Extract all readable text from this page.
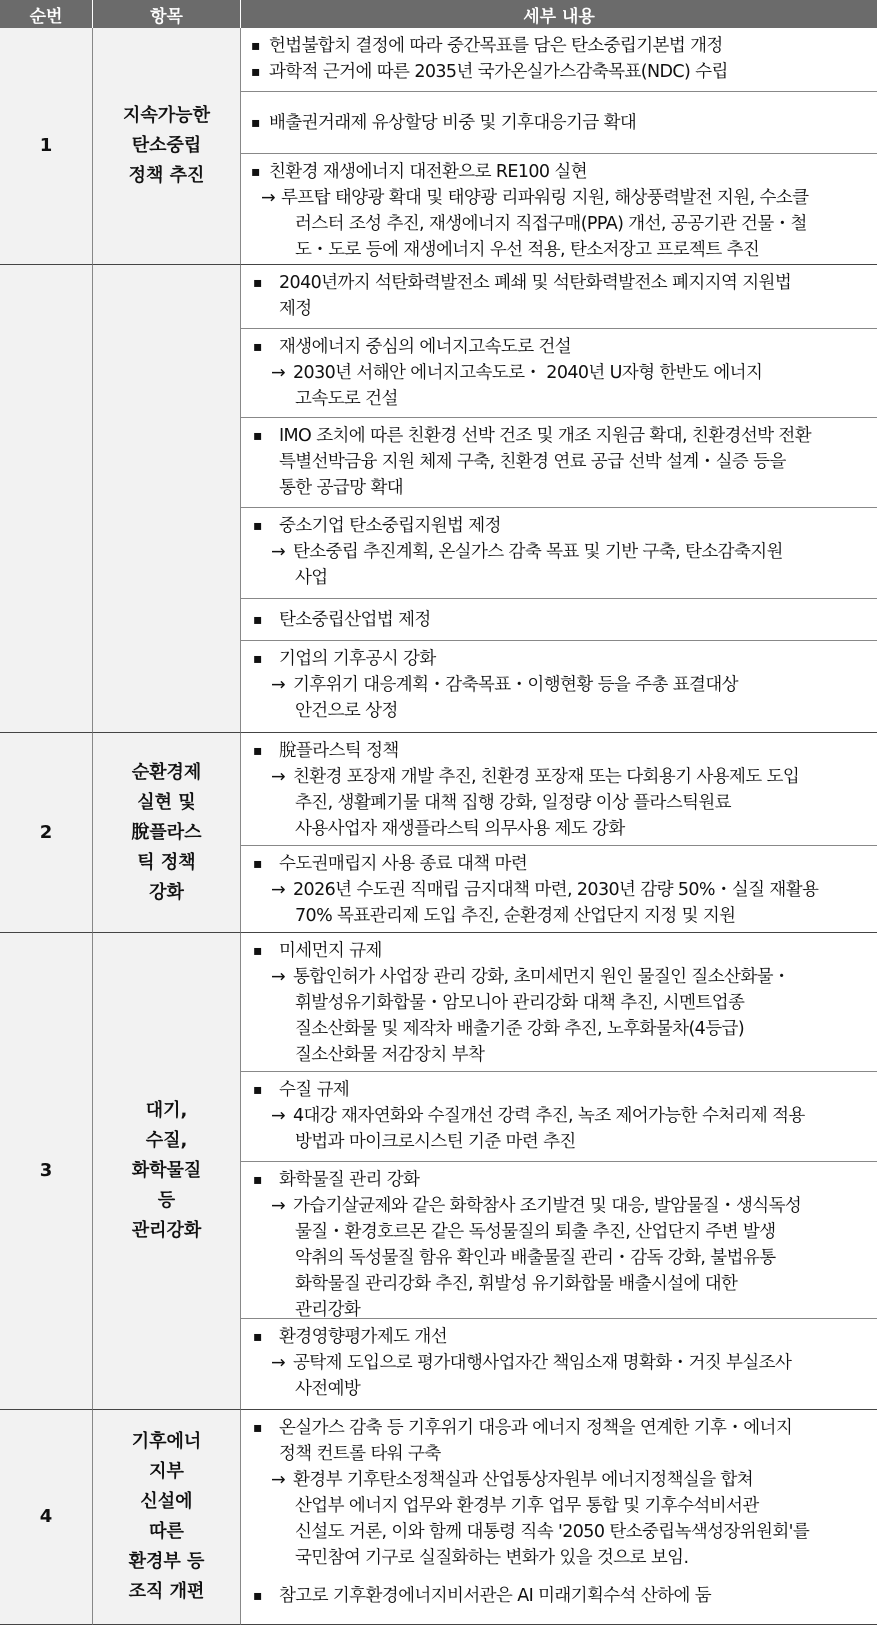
순번	항목	세부 내용
1
지속가능한
탄소중립
정책 추진
▪ 헌법불합치 결정에 따라 중간목표를 담은 탄소중립기본법 개정
▪ 과학적 근거에 따른 2035년 국가온실가스감축목표(NDC) 수립
▪ 배출권거래제 유상할당 비중 및 기후대응기금 확대
▪ 친환경 재생에너지 대전환으로 RE100 실현
→ 루프탑 태양광 확대 및 태양광 리파워링 지원, 해상풍력발전 지원, 수소클
러스터 조성 추진, 재생에너지 직접구매(PPA) 개선, 공공기관 건물・철
도・도로 등에 재생에너지 우선 적용, 탄소저장고 프로젝트 추진
▪ 2040년까지 석탄화력발전소 폐쇄 및 석탄화력발전소 폐지지역 지원법
제정
▪ 재생에너지 중심의 에너지고속도로 건설
→ 2030년 서해안 에너지고속도로・ 2040년 U자형 한반도 에너지
고속도로 건설
▪ IMO 조치에 따른 친환경 선박 건조 및 개조 지원금 확대, 친환경선박 전환
특별선박금융 지원 체제 구축, 친환경 연료 공급 선박 설계・실증 등을
통한 공급망 확대
▪ 중소기업 탄소중립지원법 제정
→ 탄소중립 추진계획, 온실가스 감축 목표 및 기반 구축, 탄소감축지원
사업
▪ 탄소중립산업법 제정
▪ 기업의 기후공시 강화
→ 기후위기 대응계획・감축목표・이행현황 등을 주총 표결대상
안건으로 상정
2
순환경제
실현 및
脫플라스
틱 정책
강화
▪ 脫플라스틱 정책
→ 친환경 포장재 개발 추진, 친환경 포장재 또는 다회용기 사용제도 도입
추진, 생활폐기물 대책 집행 강화, 일정량 이상 플라스틱원료
사용사업자 재생플라스틱 의무사용 제도 강화
▪ 수도권매립지 사용 종료 대책 마련
→ 2026년 수도권 직매립 금지대책 마련, 2030년 감량 50%・실질 재활용
70% 목표관리제 도입 추진, 순환경제 산업단지 지정 및 지원
3
대기,
수질,
화학물질
등
관리강화
▪ 미세먼지 규제
→ 통합인허가 사업장 관리 강화, 초미세먼지 원인 물질인 질소산화물・
휘발성유기화합물・암모니아 관리강화 대책 추진, 시멘트업종
질소산화물 및 제작차 배출기준 강화 추진, 노후화물차(4등급)
질소산화물 저감장치 부착
▪ 수질 규제
→ 4대강 재자연화와 수질개선 강력 추진, 녹조 제어가능한 수처리제 적용
방법과 마이크로시스틴 기준 마련 추진
▪ 화학물질 관리 강화
→ 가습기살균제와 같은 화학참사 조기발견 및 대응, 발암물질・생식독성
물질・환경호르몬 같은 독성물질의 퇴출 추진, 산업단지 주변 발생
악취의 독성물질 함유 확인과 배출물질 관리・감독 강화, 불법유통
화학물질 관리강화 추진, 휘발성 유기화합물 배출시설에 대한
관리강화
▪ 환경영향평가제도 개선
→ 공탁제 도입으로 평가대행사업자간 책임소재 명확화・거짓 부실조사
사전예방
4
기후에너
지부
신설에
따른
환경부 등
조직 개편
▪ 온실가스 감축 등 기후위기 대응과 에너지 정책을 연계한 기후・에너지
정책 컨트롤 타워 구축
→ 환경부 기후탄소정책실과 산업통상자원부 에너지정책실을 합쳐
산업부 에너지 업무와 환경부 기후 업무 통합 및 기후수석비서관
신설도 거론, 이와 함께 대통령 직속 '2050 탄소중립녹색성장위원회'를
국민참여 기구로 실질화하는 변화가 있을 것으로 보임.
▪ 참고로 기후환경에너지비서관은 AI 미래기획수석 산하에 둠
